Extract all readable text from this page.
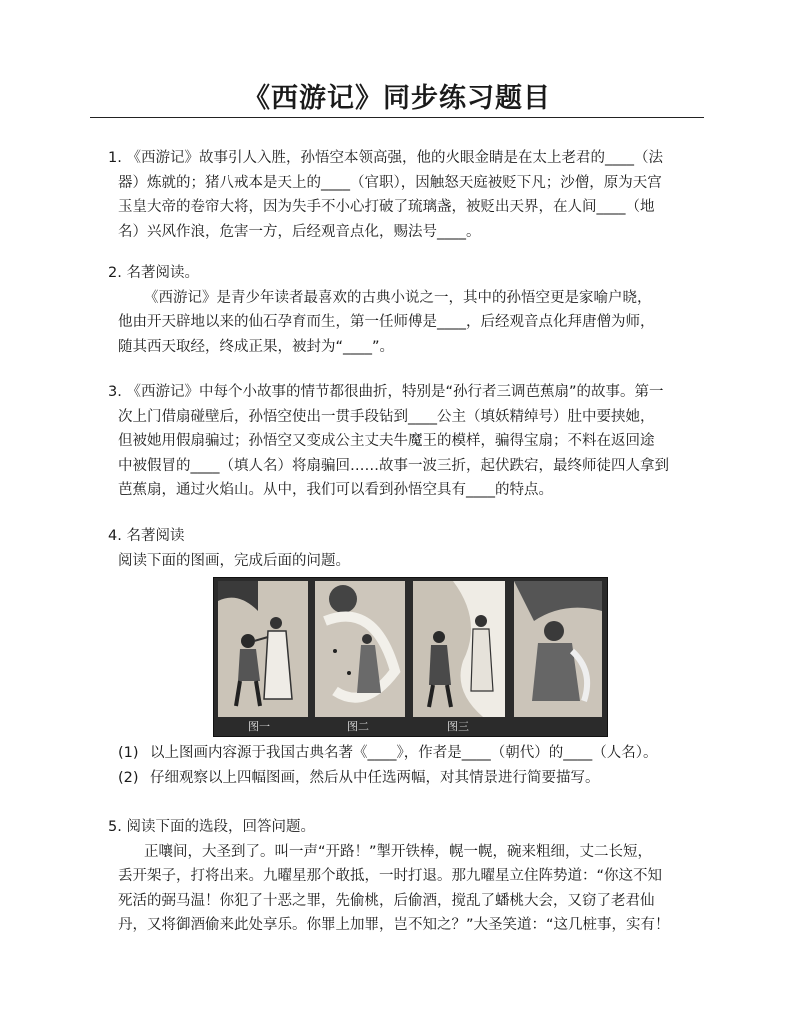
《西游记》同步练习题目
1. 《西游记》故事引人入胜，孙悟空本领高强，他的火眼金睛是在太上老君的____（法
器）炼就的；猪八戒本是天上的____（官职），因触怒天庭被贬下凡；沙僧，原为天宫
玉皇大帝的卷帘大将，因为失手不小心打破了琉璃盏，被贬出天界，在人间____（地
名）兴风作浪，危害一方，后经观音点化，赐法号____。
2. 名著阅读。
《西游记》是青少年读者最喜欢的古典小说之一，其中的孙悟空更是家喻户晓，
他由开天辟地以来的仙石孕育而生，第一任师傅是____，后经观音点化拜唐僧为师，
随其西天取经，终成正果，被封为“____”。
3. 《西游记》中每个小故事的情节都很曲折，特别是“孙行者三调芭蕉扇”的故事。第一
次上门借扇碰壁后，孙悟空使出一贯手段钻到____公主（填妖精绰号）肚中要挟她，
但被她用假扇骗过；孙悟空又变成公主丈夫牛魔王的模样，骗得宝扇；不料在返回途
中被假冒的____（填人名）将扇骗回……故事一波三折，起伏跌宕，最终师徒四人拿到
芭蕉扇，通过火焰山。从中，我们可以看到孙悟空具有____的特点。
4. 名著阅读
阅读下面的图画，完成后面的问题。
图一	图二	图三
(1) 以上图画内容源于我国古典名著《____》，作者是____（朝代）的____（人名）。
(2) 仔细观察以上四幅图画，然后从中任选两幅，对其情景进行简要描写。
5. 阅读下面的选段，回答问题。
正嚷间，大圣到了。叫一声“开路！”掣开铁棒，幌一幌，碗来粗细，丈二长短，
丢开架子，打将出来。九曜星那个敢抵，一时打退。那九曜星立住阵势道：“你这不知
死活的弼马温！你犯了十恶之罪，先偷桃，后偷酒，搅乱了蟠桃大会，又窃了老君仙
丹，又将御酒偷来此处享乐。你罪上加罪，岂不知之？”大圣笑道：“这几桩事，实有！
